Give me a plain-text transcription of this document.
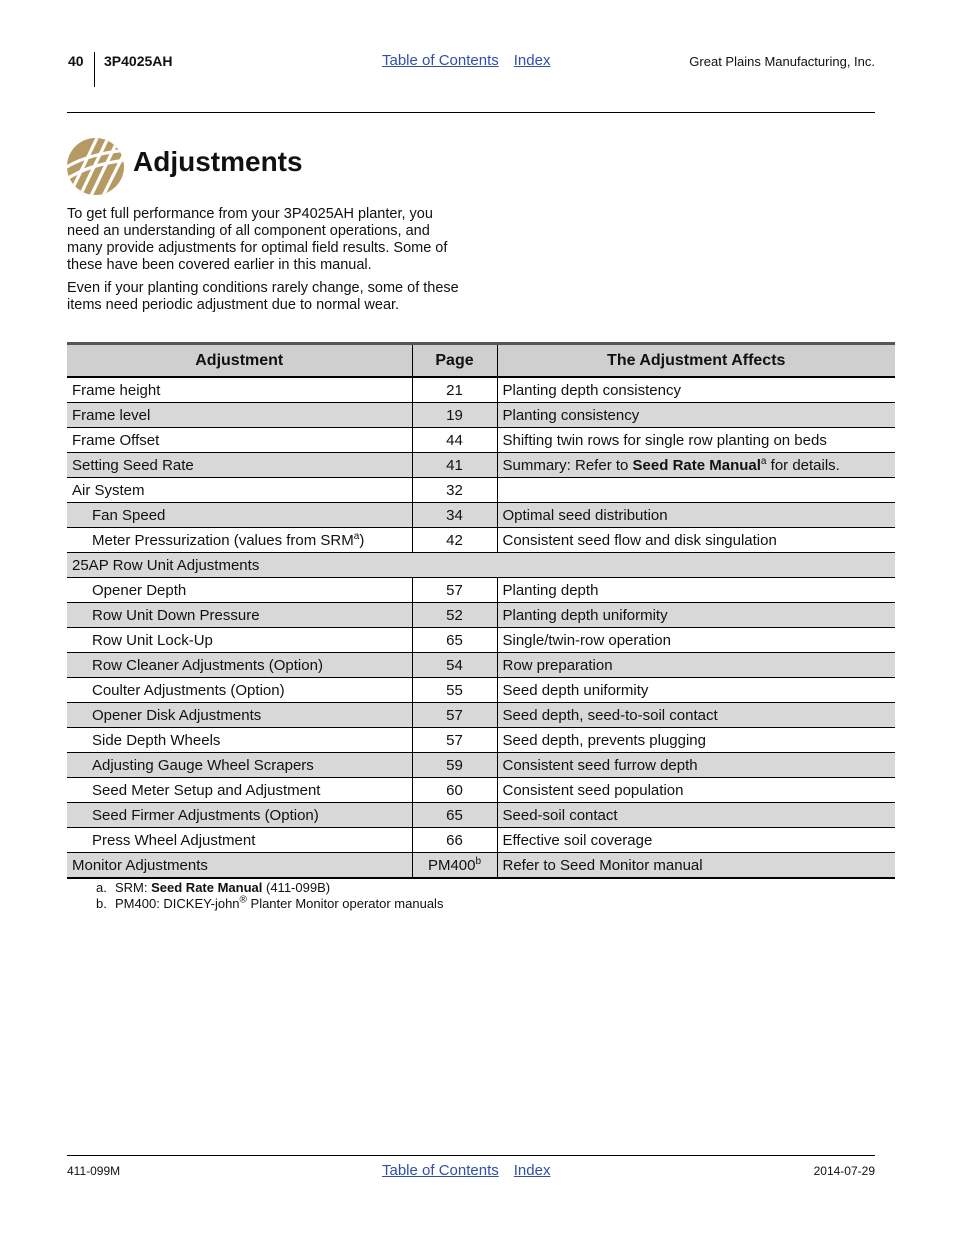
40 3P4025AH	Table of Contents Index	Great Plains Manufacturing, Inc.
Adjustments

To get full performance from your 3P4025AH planter, you need an understanding of all component operations, and many provide adjustments for optimal field results. Some of these have been covered earlier in this manual.

Even if your planting conditions rarely change, some of these items need periodic adjustment due to normal wear.

Adjustment	Page	The Adjustment Affects
Frame height	21	Planting depth consistency
Frame level	19	Planting consistency
Frame Offset	44	Shifting twin rows for single row planting on beds
Setting Seed Rate	41	Summary: Refer to Seed Rate Manual$^a$ for details.
Air System	32	
Fan Speed	34	Optimal seed distribution
Meter Pressurization (values from SRM$^a$)	42	Consistent seed flow and disk singulation
25AP Row Unit Adjustments		
Opener Depth	57	Planting depth
Row Unit Down Pressure	52	Planting depth uniformity
Row Unit Lock-Up	65	Single/twin-row operation
Row Cleaner Adjustments (Option)	54	Row preparation
Coulter Adjustments (Option)	55	Seed depth uniformity
Opener Disk Adjustments	57	Seed depth, seed-to-soil contact
Side Depth Wheels	57	Seed depth, prevents plugging
Adjusting Gauge Wheel Scrapers	59	Consistent seed furrow depth
Seed Meter Setup and Adjustment	60	Consistent seed population
Seed Firmer Adjustments (Option)	65	Seed-soil contact
Press Wheel Adjustment	66	Effective soil coverage
Monitor Adjustments	PM400$^b$	Refer to Seed Monitor manual
a. SRM: Seed Rate Manual (411-099B)
b. PM400: DICKEY-john® Planter Monitor operator manuals
411-099M	Table of Contents Index	2014-07-29
